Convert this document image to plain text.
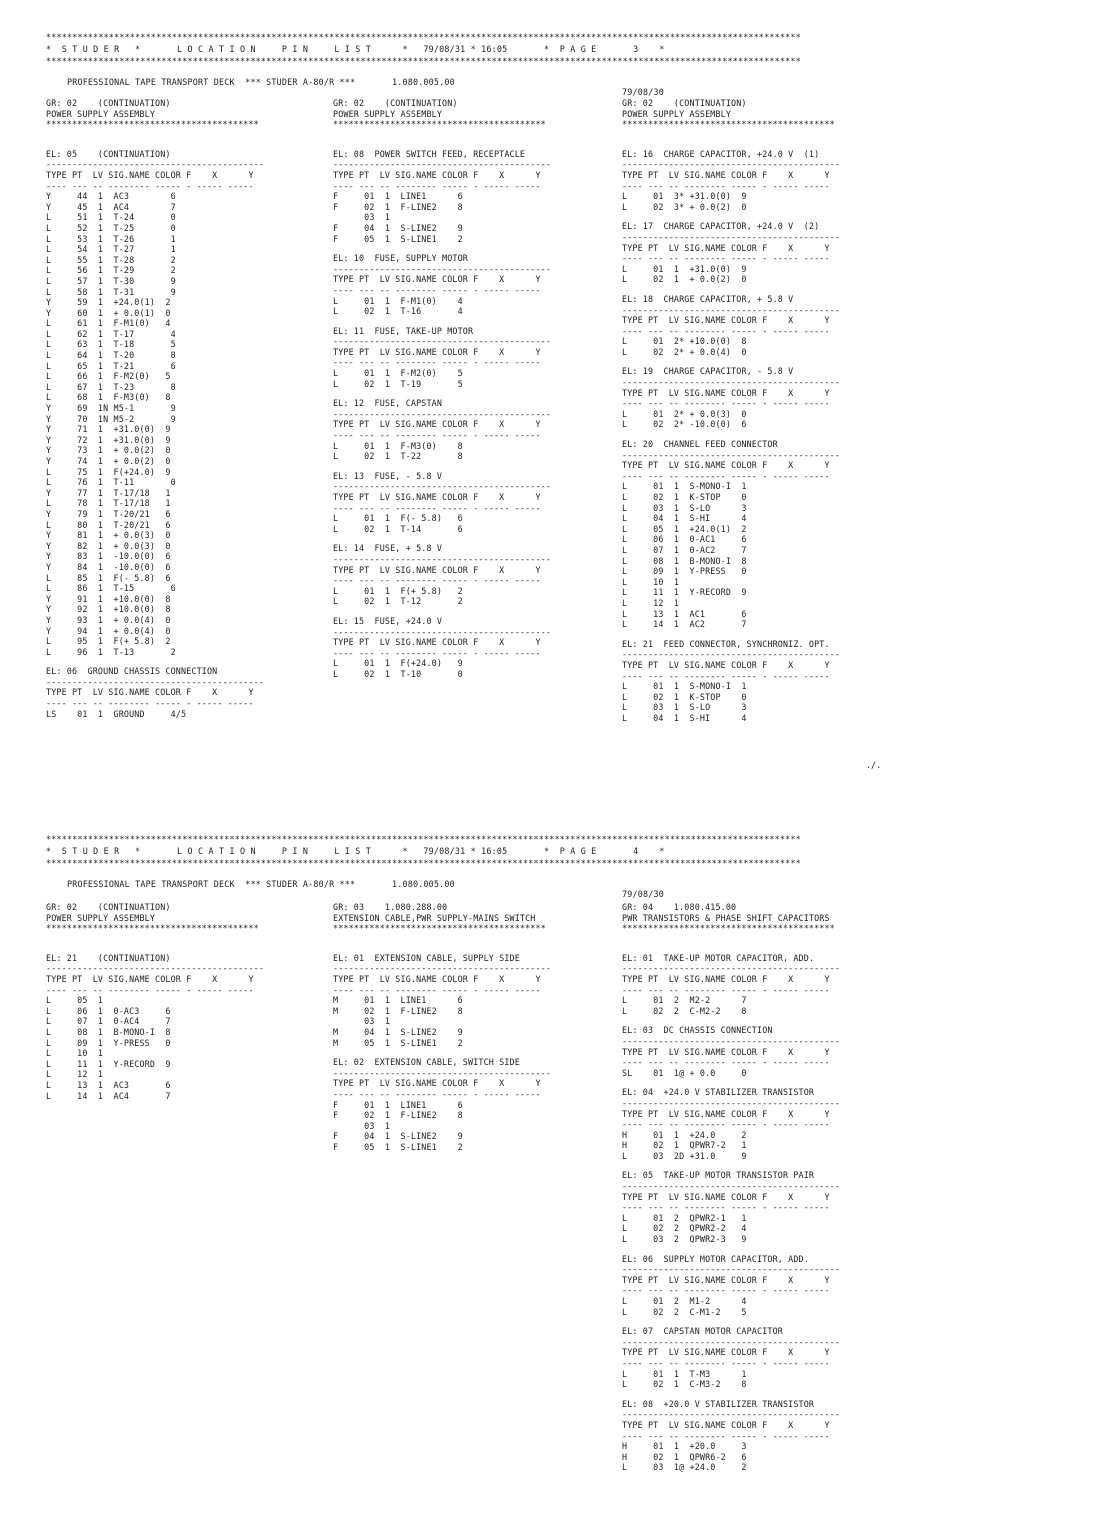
************************************************************************************************************************************************
*  S T U D E R   *       L O C A T I O N     P I N     L I S T      *   79/08/31 * 16:05       *  P A G E       3    *
************************************************************************************************************************************************

PROFESSIONAL TAPE TRANSPORT DECK  *** STUDER A-80/R ***       1.080.005.00

79/08/30

GR: 02    (CONTINUATION)
POWER SUPPLY ASSEMBLY
*****************************************
EL: 05    (CONTINUATION)
------------------------------------------
TYPE PT  LV SIG.NAME COLOR F    X      Y
---- --- -- -------- ----- - ----- -----
Y     44  1  AC3        6
Y     45  1  AC4        7
L     51  1  T-24       0
L     52  1  T-25       0
L     53  1  T-26       1
L     54  1  T-27       1
L     55  1  T-28       2
L     56  1  T-29       2
L     57  1  T-30       9
L     58  1  T-31       9
Y     59  1  +24.0(1)  2
Y     60  1  + 0.0(1)  0
L     61  1  F-M1(0)   4
L     62  1  T-17       4
L     63  1  T-18       5
L     64  1  T-20       8
L     65  1  T-21       6
L     66  1  F-M2(0)   5
L     67  1  T-23       8
L     68  1  F-M3(0)   8
Y     69  1N M5-1       9
Y     70  1N M5-2       9
Y     71  1  +31.0(0)  9
Y     72  1  +31.0(0)  9
Y     73  1  + 0.0(2)  0
Y     74  1  + 0.0(2)  0
L     75  1  F(+24.0)  9
L     76  1  T-11       0
Y     77  1  T-17/18   1
L     78  1  T-17/18   1
Y     79  1  T-20/21   6
L     80  1  T-20/21   6
Y     81  1  + 0.0(3)  0
Y     82  1  + 0.0(3)  0
Y     83  1  -10.0(0)  6
Y     84  1  -10.0(0)  6
L     85  1  F(- 5.8)  6
L     86  1  T-15       6
Y     91  1  +10.0(0)  8
Y     92  1  +10.0(0)  8
Y     93  1  + 0.0(4)  0
Y     94  1  + 0.0(4)  0
L     95  1  F(+ 5.8)  2
L     96  1  T-13       2
EL: 06  GROUND CHASSIS CONNECTION
------------------------------------------
TYPE PT  LV SIG.NAME COLOR F    X      Y
---- --- -- -------- ----- - ----- -----
LS    01  1  GROUND     4/5
GR: 02    (CONTINUATION)
POWER SUPPLY ASSEMBLY
*****************************************
EL: 08  POWER SWITCH FEED, RECEPTACLE
------------------------------------------
TYPE PT  LV SIG.NAME COLOR F    X      Y
---- --- -- -------- ----- - ----- -----
F     01  1  LINE1      6
F     02  1  F-LINE2    8
03  1
F     04  1  S-LINE2    9
F     05  1  S-LINE1    2
EL: 10  FUSE, SUPPLY MOTOR
------------------------------------------
TYPE PT  LV SIG.NAME COLOR F    X      Y
---- --- -- -------- ----- - ----- -----
L     01  1  F-M1(0)    4
L     02  1  T-16       4
EL: 11  FUSE, TAKE-UP MOTOR
------------------------------------------
TYPE PT  LV SIG.NAME COLOR F    X      Y
---- --- -- -------- ----- - ----- -----
L     01  1  F-M2(0)    5
L     02  1  T-19       5
EL: 12  FUSE, CAPSTAN
------------------------------------------
TYPE PT  LV SIG.NAME COLOR F    X      Y
---- --- -- -------- ----- - ----- -----
L     01  1  F-M3(0)    8
L     02  1  T-22       8
EL: 13  FUSE, - 5.8 V
------------------------------------------
TYPE PT  LV SIG.NAME COLOR F    X      Y
---- --- -- -------- ----- - ----- -----
L     01  1  F(- 5.8)   6
L     02  1  T-14       6
EL: 14  FUSE, + 5.8 V
------------------------------------------
TYPE PT  LV SIG.NAME COLOR F    X      Y
---- --- -- -------- ----- - ----- -----
L     01  1  F(+ 5.8)   2
L     02  1  T-12       2
EL: 15  FUSE, +24.0 V
------------------------------------------
TYPE PT  LV SIG.NAME COLOR F    X      Y
---- --- -- -------- ----- - ----- -----
L     01  1  F(+24.0)   9
L     02  1  T-10       0
GR: 02    (CONTINUATION)
POWER SUPPLY ASSEMBLY
*****************************************
EL: 16  CHARGE CAPACITOR, +24.0 V  (1)
------------------------------------------
TYPE PT  LV SIG.NAME COLOR F    X      Y
---- --- -- -------- ----- - ----- -----
L     01  3* +31.0(0)  9
L     02  3* + 0.0(2)  0
EL: 17  CHARGE CAPACITOR, +24.0 V  (2)
------------------------------------------
TYPE PT  LV SIG.NAME COLOR F    X      Y
---- --- -- -------- ----- - ----- -----
L     01  1  +31.0(0)  9
L     02  1  + 0.0(2)  0
EL: 18  CHARGE CAPACITOR, + 5.8 V
------------------------------------------
TYPE PT  LV SIG.NAME COLOR F    X      Y
---- --- -- -------- ----- - ----- -----
L     01  2* +10.0(0)  8
L     02  2* + 0.0(4)  0
EL: 19  CHARGE CAPACITOR, - 5.8 V
------------------------------------------
TYPE PT  LV SIG.NAME COLOR F    X      Y
---- --- -- -------- ----- - ----- -----
L     01  2* + 0.0(3)  0
L     02  2* -10.0(0)  6
EL: 20  CHANNEL FEED CONNECTOR
------------------------------------------
TYPE PT  LV SIG.NAME COLOR F    X      Y
---- --- -- -------- ----- - ----- -----
L     01  1  S-MONO-I  1
L     02  1  K-STOP    0
L     03  1  S-LO      3
L     04  1  S-HI      4
L     05  1  +24.0(1)  2
L     06  1  0-AC1     6
L     07  1  0-AC2     7
L     08  1  B-MONO-I  8
L     09  1  Y-PRESS   0
L     10  1
L     11  1  Y-RECORD  9
L     12  1
L     13  1  AC1       6
L     14  1  AC2       7
EL: 21  FEED CONNECTOR, SYNCHRONIZ. OPT.
------------------------------------------
TYPE PT  LV SIG.NAME COLOR F    X      Y
---- --- -- -------- ----- - ----- -----
L     01  1  S-MONO-I  1
L     02  1  K-STOP    0
L     03  1  S-LO      3
L     04  1  S-HI      4
./.
************************************************************************************************************************************************
*  S T U D E R   *       L O C A T I O N     P I N     L I S T      *   79/08/31 * 16:05       *  P A G E       4    *
************************************************************************************************************************************************

PROFESSIONAL TAPE TRANSPORT DECK  *** STUDER A-80/R ***       1.080.005.00

79/08/30

GR: 02    (CONTINUATION)
POWER SUPPLY ASSEMBLY
*****************************************
EL: 21    (CONTINUATION)
------------------------------------------
TYPE PT  LV SIG.NAME COLOR F    X      Y
---- --- -- -------- ----- - ----- -----
L     05  1
L     06  1  0-AC3     6
L     07  1  0-AC4     7
L     08  1  B-MONO-I  8
L     09  1  Y-PRESS   0
L     10  1
L     11  1  Y-RECORD  9
L     12  1
L     13  1  AC3       6
L     14  1  AC4       7
GR: 03    1.080.288.00
EXTENSION CABLE,PWR SUPPLY-MAINS SWITCH
*****************************************
EL: 01  EXTENSION CABLE, SUPPLY SIDE
------------------------------------------
TYPE PT  LV SIG.NAME COLOR F    X      Y
---- --- -- -------- ----- - ----- -----
M     01  1  LINE1      6
M     02  1  F-LINE2    8
03  1
M     04  1  S-LINE2    9
M     05  1  S-LINE1    2
EL: 02  EXTENSION CABLE, SWITCH SIDE
------------------------------------------
TYPE PT  LV SIG.NAME COLOR F    X      Y
---- --- -- -------- ----- - ----- -----
F     01  1  LINE1      6
F     02  1  F-LINE2    8
03  1
F     04  1  S-LINE2    9
F     05  1  S-LINE1    2
GR: 04    1.080.415.00
PWR TRANSISTORS & PHASE SHIFT CAPACITORS
*****************************************
EL: 01  TAKE-UP MOTOR CAPACITOR, ADD.
------------------------------------------
TYPE PT  LV SIG.NAME COLOR F    X      Y
---- --- -- -------- ----- - ----- -----
L     01  2  M2-2      7
L     02  2  C-M2-2    8
EL: 03  DC CHASSIS CONNECTION
------------------------------------------
TYPE PT  LV SIG.NAME COLOR F    X      Y
---- --- -- -------- ----- - ----- -----
SL    01  1@ + 0.0     0
EL: 04  +24.0 V STABILIZER TRANSISTOR
------------------------------------------
TYPE PT  LV SIG.NAME COLOR F    X      Y
---- --- -- -------- ----- - ----- -----
H     01  1  +24.0     2
H     02  1  QPWR7-2   1
L     03  2D +31.0     9
EL: 05  TAKE-UP MOTOR TRANSISTOR PAIR
------------------------------------------
TYPE PT  LV SIG.NAME COLOR F    X      Y
---- --- -- -------- ----- - ----- -----
L     01  2  QPWR2-1   1
L     02  2  QPWR2-2   4
L     03  2  QPWR2-3   9
EL: 06  SUPPLY MOTOR CAPACITOR, ADD.
------------------------------------------
TYPE PT  LV SIG.NAME COLOR F    X      Y
---- --- -- -------- ----- - ----- -----
L     01  2  M1-2      4
L     02  2  C-M1-2    5
EL: 07  CAPSTAN MOTOR CAPACITOR
------------------------------------------
TYPE PT  LV SIG.NAME COLOR F    X      Y
---- --- -- -------- ----- - ----- -----
L     01  1  T-M3      1
L     02  1  C-M3-2    8
EL: 08  +20.0 V STABILIZER TRANSISTOR
------------------------------------------
TYPE PT  LV SIG.NAME COLOR F    X      Y
---- --- -- -------- ----- - ----- -----
H     01  1  +20.0     3
H     02  1  QPWR6-2   6
L     03  1@ +24.0     2
